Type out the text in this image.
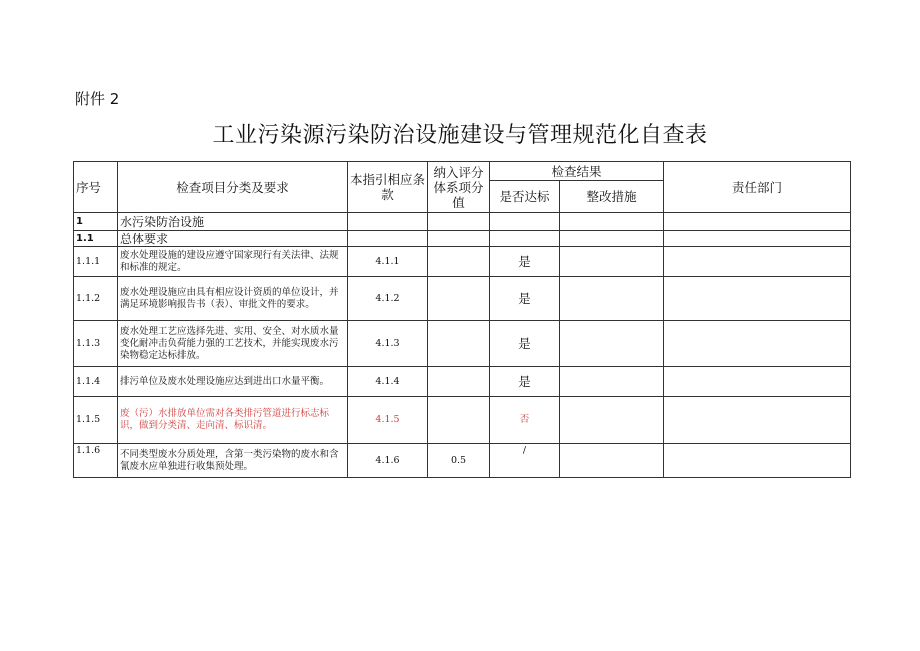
附件 2
工业污染源污染防治设施建设与管理规范化自查表
序号	检查项目分类及要求	本指引相应条款	纳入评分体系项分值	检查结果		责任部门
				是否达标	整改措施	
1	水污染防治设施					
1.1	总体要求					
1.1.1	废水处理设施的建设应遵守国家现行有关法律、法规和标准的规定。	4.1.1		是		
1.1.2	废水处理设施应由具有相应设计资质的单位设计，并满足环境影响报告书（表）、审批文件的要求。	4.1.2		是		
1.1.3	废水处理工艺应选择先进、实用、安全、对水质水量变化耐冲击负荷能力强的工艺技术，并能实现废水污染物稳定达标排放。	4.1.3		是		
1.1.4	排污单位及废水处理设施应达到进出口水量平衡。	4.1.4		是		
1.1.5	废（污）水排放单位需对各类排污管道进行标志标识，做到分类清、走向清、标识清。	4.1.5		否		
1.1.6	不同类型废水分质处理，含第一类污染物的废水和含氰废水应单独进行收集预处理。	4.1.6	0.5	/		
